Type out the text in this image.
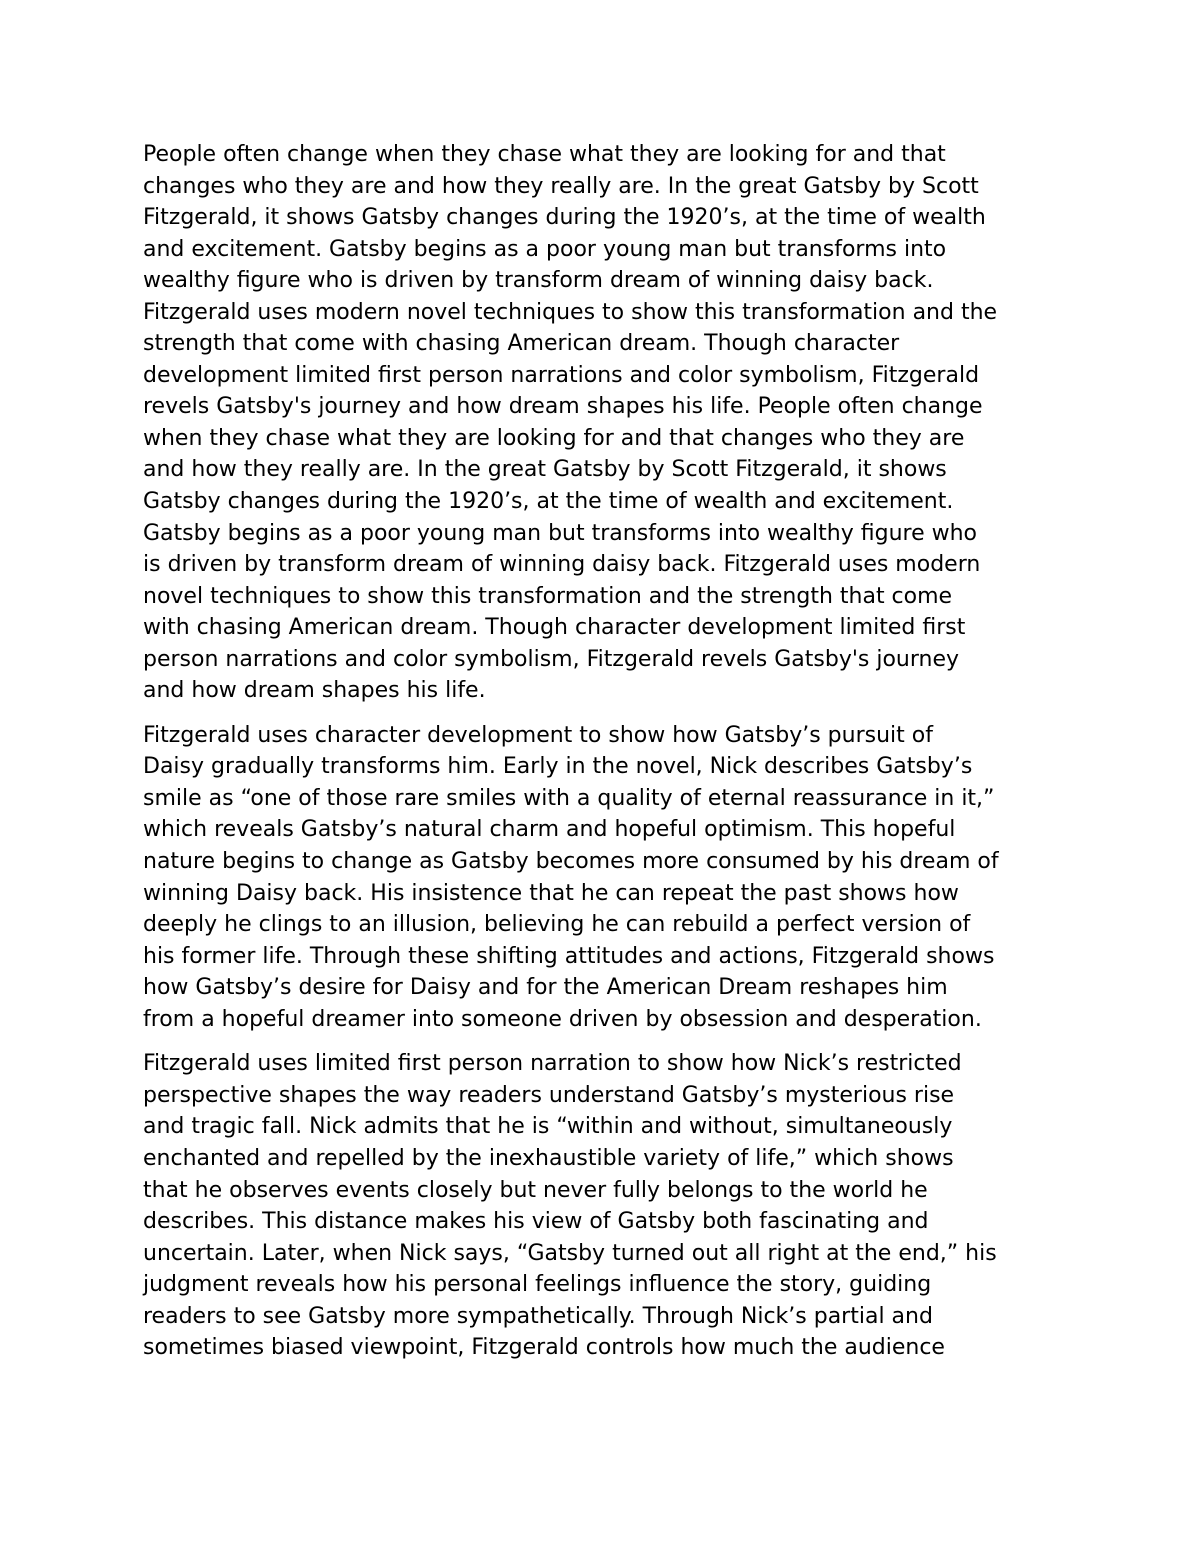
People often change when they chase what they are looking for and that
changes who they are and how they really are. In the great Gatsby by Scott
Fitzgerald, it shows Gatsby changes during the 1920’s, at the time of wealth
and excitement. Gatsby begins as a poor young man but transforms into
wealthy figure who is driven by transform dream of winning daisy back.
Fitzgerald uses modern novel techniques to show this transformation and the
strength that come with chasing American dream. Though character
development limited first person narrations and color symbolism, Fitzgerald
revels Gatsby's journey and how dream shapes his life. People often change
when they chase what they are looking for and that changes who they are
and how they really are. In the great Gatsby by Scott Fitzgerald, it shows
Gatsby changes during the 1920’s, at the time of wealth and excitement.
Gatsby begins as a poor young man but transforms into wealthy figure who
is driven by transform dream of winning daisy back. Fitzgerald uses modern
novel techniques to show this transformation and the strength that come
with chasing American dream. Though character development limited first
person narrations and color symbolism, Fitzgerald revels Gatsby's journey
and how dream shapes his life.

Fitzgerald uses character development to show how Gatsby’s pursuit of
Daisy gradually transforms him. Early in the novel, Nick describes Gatsby’s
smile as “one of those rare smiles with a quality of eternal reassurance in it,”
which reveals Gatsby’s natural charm and hopeful optimism. This hopeful
nature begins to change as Gatsby becomes more consumed by his dream of
winning Daisy back. His insistence that he can repeat the past shows how
deeply he clings to an illusion, believing he can rebuild a perfect version of
his former life. Through these shifting attitudes and actions, Fitzgerald shows
how Gatsby’s desire for Daisy and for the American Dream reshapes him
from a hopeful dreamer into someone driven by obsession and desperation.

Fitzgerald uses limited first person narration to show how Nick’s restricted
perspective shapes the way readers understand Gatsby’s mysterious rise
and tragic fall. Nick admits that he is “within and without, simultaneously
enchanted and repelled by the inexhaustible variety of life,” which shows
that he observes events closely but never fully belongs to the world he
describes. This distance makes his view of Gatsby both fascinating and
uncertain. Later, when Nick says, “Gatsby turned out all right at the end,” his
judgment reveals how his personal feelings influence the story, guiding
readers to see Gatsby more sympathetically. Through Nick’s partial and
sometimes biased viewpoint, Fitzgerald controls how much the audience
